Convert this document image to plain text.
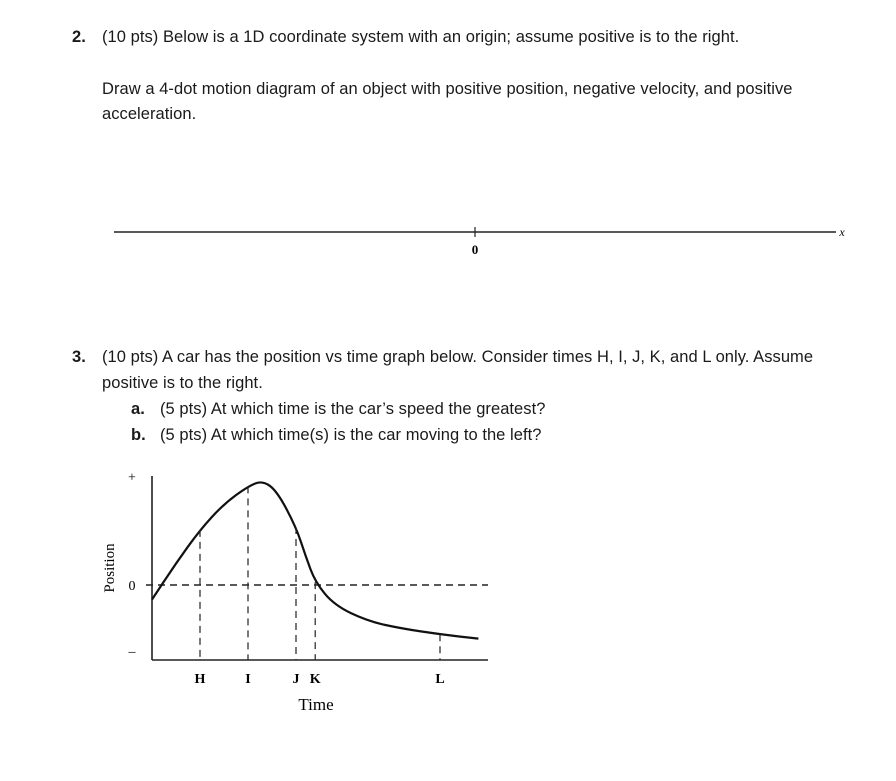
2. (10 pts) Below is a 1D coordinate system with an origin; assume positive is to the right.
Draw a 4-dot motion diagram of an object with positive position, negative velocity, and positive
acceleration.
0
x
3. (10 pts) A car has the position vs time graph below. Consider times H, I, J, K, and L only. Assume
positive is to the right.
a. (5 pts) At which time is the car’s speed the greatest?
b. (5 pts) At which time(s) is the car moving to the left?
+
0
–
H	I	J K	L
Position
Time
